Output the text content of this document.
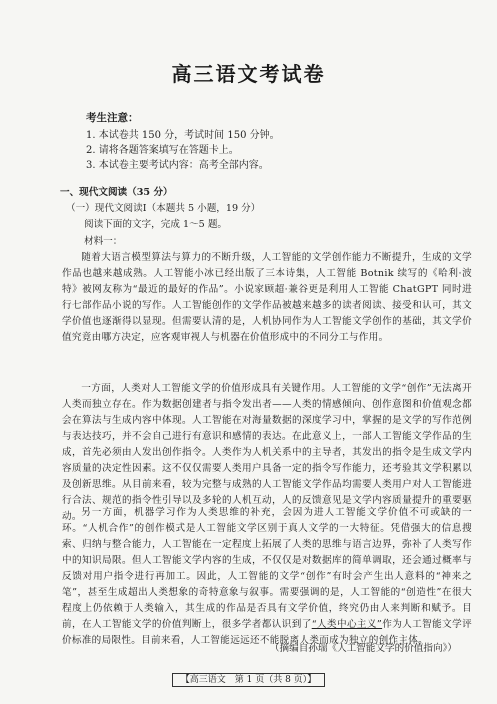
高三语文考试卷
考生注意：
1. 本试卷共 150 分，考试时间 150 分钟。
2. 请将各题答案填写在答题卡上。
3. 本试卷主要考试内容：高考全部内容。
一、现代文阅读（35 分）
（一）现代文阅读Ⅰ（本题共 5 小题，19 分）
阅读下面的文字，完成 1～5 题。
材料一：

随着大语言模型算法与算力的不断升级，人工智能的文学创作能力不断提升，生成的文学作品也越来越成熟。人工智能小冰已经出版了三本诗集，人工智能 Botnik 续写的《哈利·波特》被网友称为“最近的最好的作品”。小说家顾超·兼谷更是利用人工智能 ChatGPT 同时进行七部作品小说的写作。人工智能创作的文学作品被越来越多的读者阅读、接受和认可，其文学价值也逐渐得以显现。但需要认清的是，人机协同作为人工智能文学创作的基础，其文学价值究竟由哪方决定，应客观审视人与机器在价值形成中的不同分工与作用。

一方面，人类对人工智能文学的价值形成具有关键作用。人工智能的文学“创作”无法离开人类而独立存在。作为数据创建者与指令发出者——人类的情感倾向、创作意图和价值观念都会在算法与生成内容中体现。人工智能在对海量数据的深度学习中，掌握的是文学的写作范例与表达技巧，并不会自己进行有意识和感情的表达。在此意义上，一部人工智能文学作品的生成，首先必须由人发出创作指令。人类作为人机关系中的主导者，其发出的指令是生成文学内容质量的决定性因素。这不仅仅需要人类用户具备一定的指令写作能力，还考验其文学积累以及创新思维。从目前来看，较为完整与成熟的人工智能文学作品均需要人类用户对人工智能进行合法、规范的指令性引导以及多轮的人机互动，人的反馈意见是文学内容质量提升的重要驱动。 另一方面，机器学习作为人类思维的补充，会因为进人工智能文学价值不可或缺的一环。“人机合作”的创作模式是人工智能文学区别于真人文学的一大特征。凭借强大的信息搜索、归纳与整合能力，人工智能在一定程度上拓展了人类的思维与语言边界，弥补了人类写作中的知识局限。但人工智能文学内容的生成，不仅仅是对数据库的简单调取，还会通过概率与反馈对用户指令进行再加工。因此，人工智能的文学“创作”有时会产生出人意料的“神来之笔”，甚至生成超出人类想象的奇特意象与叙事。需要强调的是，人工智能的“创造性”在很大程度上仍依赖于人类输入，其生成的作品是否具有文学价值，终究仍由人来判断和赋予。目前，在人工智能文学的价值判断上，很多学者都认识到了“人类中心主义”作为人工智能文学评价标准的局限性。目前来看，人工智能远远还不能脱离人类而成为独立的创作主体。

（摘编自孙瑞《人工智能文学的价值指向》）
【高三语文　第 1 页（共 8 页）】
